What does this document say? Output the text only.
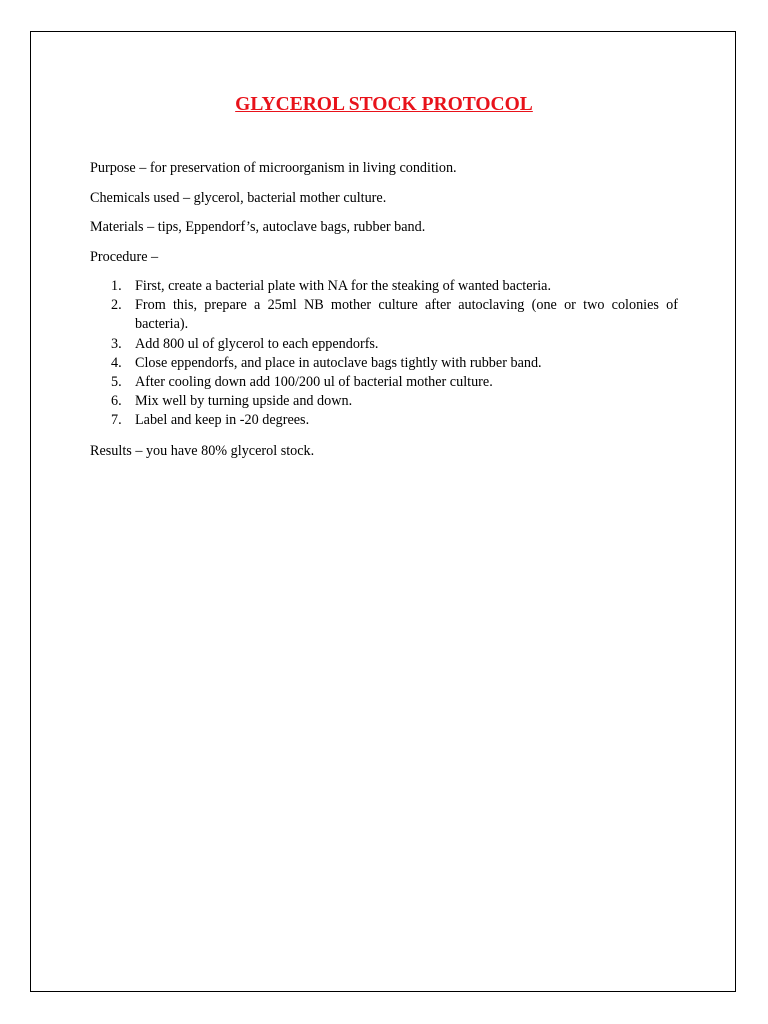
GLYCEROL STOCK PROTOCOL

Purpose – for preservation of microorganism in living condition.

Chemicals used – glycerol, bacterial mother culture.

Materials – tips, Eppendorf’s, autoclave bags, rubber band.

Procedure –

1. First, create a bacterial plate with NA for the steaking of wanted bacteria.
2. From this, prepare a 25ml NB mother culture after autoclaving (one or two colonies of bacteria).
3. Add 800 ul of glycerol to each eppendorfs.
4. Close eppendorfs, and place in autoclave bags tightly with rubber band.
5. After cooling down add 100/200 ul of bacterial mother culture.
6. Mix well by turning upside and down.
7. Label and keep in -20 degrees.

Results – you have 80% glycerol stock.
